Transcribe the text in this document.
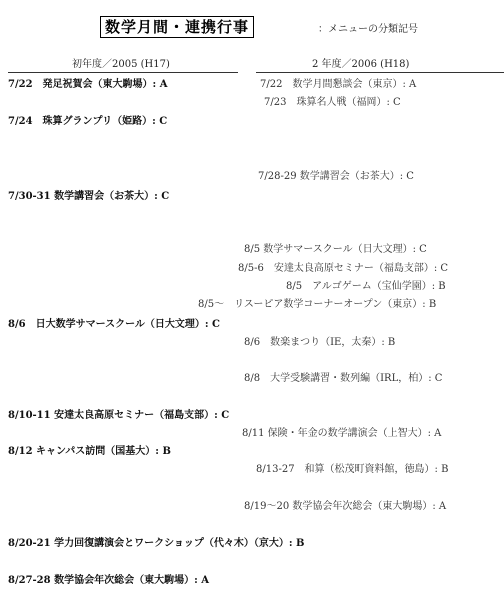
数学月間・連携行事	：メニューの分類記号
初年度／2005 (H17)	2 年度／2006 (H18)
7/22　発足祝賀会（東大駒場）: A
7/24　珠算グランプリ（姫路）: C
7/30-31 数学講習会（お茶大）: C
8/6　日大数学サマースクール（日大文理）: C
8/10-11 安達太良高原セミナー（福島支部）: C
8/12 キャンパス訪問（国基大）: B
8/20-21 学力回復講演会とワークショップ（代々木）（京大）: B
8/27-28 数学協会年次総会（東大駒場）: A
7/22　数学月間懇談会（東京）: A
7/23　珠算名人戦（福岡）: C
7/28-29 数学講習会（お茶大）: C
8/5 数学サマースクール（日大文理）: C
8/5-6　安達太良高原セミナー（福島支部）: C
8/5　アルゴゲーム（宝仙学園）: B
8/5～　リスーピア数学コーナーオープン（東京）: B
8/6　数楽まつり（IE，太秦）: B
8/8　大学受験講習・数列編（IRL，柏）: C
8/11 保険・年金の数学講演会（上智大）: A
8/13-27　和算（松茂町資料館，徳島）: B
8/19～20 数学協会年次総会（東大駒場）: A
